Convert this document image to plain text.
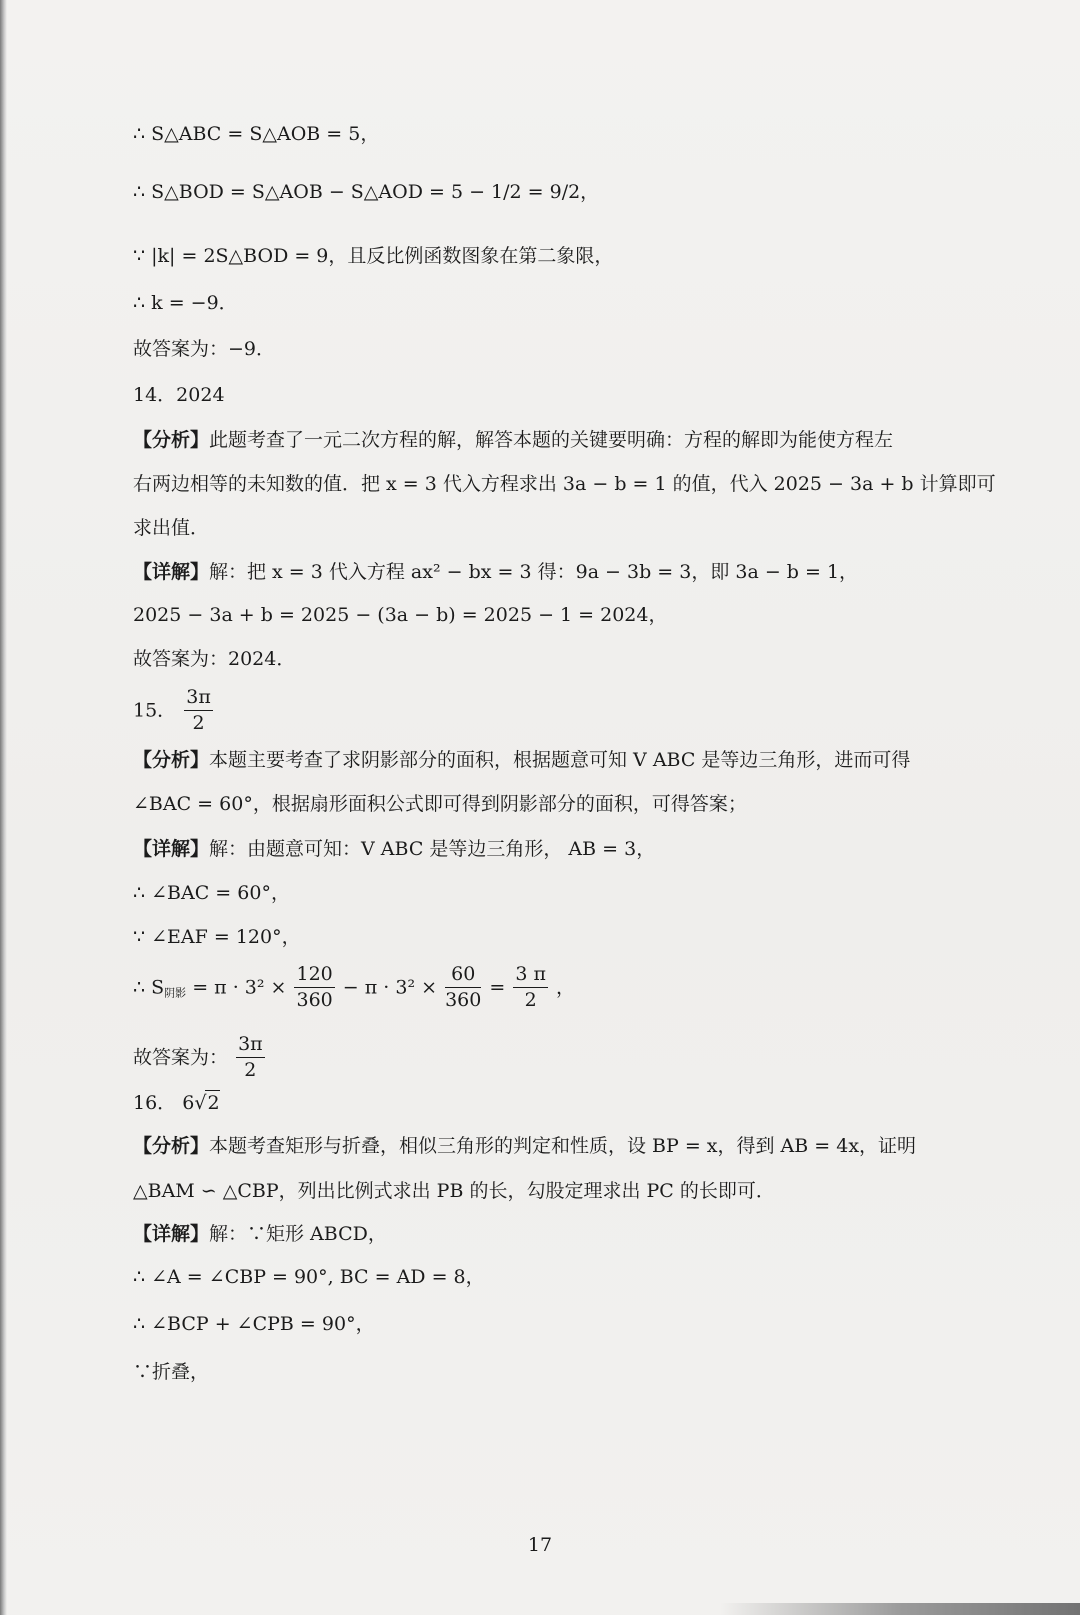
∴ S△ABC = S△AOB = 5，
∴ S△BOD = S△AOB − S△AOD = 5 − 1/2 = 9/2，
∵ |k| = 2S△BOD = 9，且反比例函数图象在第二象限，
∴ k = −9．
故答案为：−9．
14．2024
【分析】此题考查了一元二次方程的解，解答本题的关键要明确：方程的解即为能使方程左
右两边相等的未知数的值．把 x = 3 代入方程求出 3a − b = 1 的值，代入 2025 − 3a + b 计算即可
求出值．
【详解】解：把 x = 3 代入方程 ax² − bx = 3 得：9a − 3b = 3，即 3a − b = 1，
2025 − 3a + b = 2025 − (3a − b) = 2025 − 1 = 2024，
故答案为：2024．
15． $\frac{3\pi}{2}$
【分析】本题主要考查了求阴影部分的面积，根据题意可知 V ABC 是等边三角形，进而可得
∠BAC = 60°，根据扇形面积公式即可得到阴影部分的面积，可得答案；
【详解】解：由题意可知：V ABC 是等边三角形， AB = 3，
∴ ∠BAC = 60°，
∵ ∠EAF = 120°，
∴ $S_{阴影} = \pi \cdot 3^2 \times \frac{120}{360} - \pi \cdot 3^2 \times \frac{60}{360} = \frac{3 \pi}{2}$ ，
故答案为： $\frac{3\pi}{2}$
16． 6√2
【分析】本题考查矩形与折叠，相似三角形的判定和性质，设 BP = x，得到 AB = 4x，证明
△BAM ∽ △CBP，列出比例式求出 PB 的长，勾股定理求出 PC 的长即可．
【详解】解：∵矩形 ABCD，
∴ ∠A = ∠CBP = 90°, BC = AD = 8，
∴ ∠BCP + ∠CPB = 90°，
∵折叠，
17
